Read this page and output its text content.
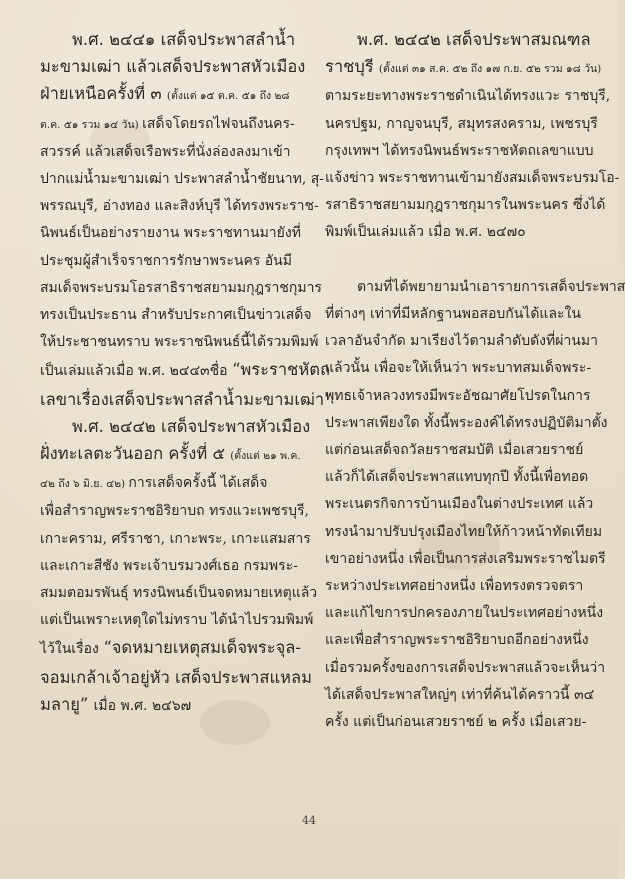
พ.ศ. ๒๔๔๑ เสด็จประพาสลำน้ำ
มะขามเฒ่า แล้วเสด็จประพาสหัวเมือง
ฝ่ายเหนือครั้งที่ ๓ (ตั้งแต่ ๑๕ ต.ค. ๕๑ ถึง ๒๘
ต.ค. ๕๑ รวม ๑๔ วัน) เสด็จโดยรถไฟจนถึงนคร-
สวรรค์ แล้วเสด็จเรือพระที่นั่งล่องลงมาเข้า
ปากแม่น้ำมะขามเฒ่า ประพาสลำน้ำชัยนาท, สุ-
พรรณบุรี, อ่างทอง และสิงห์บุรี ได้ทรงพระราช-
นิพนธ์เป็นอย่างรายงาน พระราชทานมายังที่
ประชุมผู้สำเร็จราชการรักษาพระนคร อันมี
สมเด็จพระบรมโอรสาธิราชสยามมกุฎราชกุมาร
ทรงเป็นประธาน สำหรับประกาศเป็นข่าวเสด็จ
ให้ประชาชนทราบ พระราชนิพนธ์นี้ได้รวมพิมพ์
เป็นเล่มแล้วเมื่อ พ.ศ. ๒๔๔๓ชื่อ “พระราชหัตถ
เลขาเรื่องเสด็จประพาสลำน้ำมะขามเฒ่า”
พ.ศ. ๒๔๔๒ เสด็จประพาสหัวเมือง
ฝั่งทะเลตะวันออก ครั้งที่ ๕ (ตั้งแต่ ๒๑ พ.ค.
๔๒ ถึง ๖ มิ.ย. ๔๒) การเสด็จครั้งนี้ ได้เสด็จ
เพื่อสำราญพระราชอิริยาบถ ทรงแวะเพชรบุรี,
เกาะคราม, ศรีราชา, เกาะพระ, เกาะแสมสาร
และเกาะสีชัง พระเจ้าบรมวงศ์เธอ กรมพระ-
สมมตอมรพันธุ์ ทรงนิพนธ์เป็นจดหมายเหตุแล้ว
แต่เป็นเพราะเหตุใดไม่ทราบ ได้นำไปรวมพิมพ์
ไว้ในเรื่อง “จดหมายเหตุสมเด็จพระจุล-
จอมเกล้าเจ้าอยู่หัว เสด็จประพาสแหลม
มลายู” เมื่อ พ.ศ. ๒๔๖๗
พ.ศ. ๒๔๔๒ เสด็จประพาสมณฑล
ราชบุรี (ตั้งแต่ ๓๑ ส.ค. ๕๒ ถึง ๑๗ ก.ย. ๕๒ รวม ๑๘ วัน)
ตามระยะทางพระราชดำเนินได้ทรงแวะ ราชบุรี,
นครปฐม, กาญจนบุรี, สมุทรสงคราม, เพชรบุรี
กรุงเทพฯ ได้ทรงนิพนธ์พระราชหัตถเลขาแบบ
แจ้งข่าว พระราชทานเข้ามายังสมเด็จพระบรมโอ-
รสาธิราชสยามมกุฎราชกุมารในพระนคร ซึ่งได้
พิมพ์เป็นเล่มแล้ว เมื่อ พ.ศ. ๒๔๗๐

ตามที่ได้พยายามนำเอารายการเสด็จประพาส
ที่ต่างๆ เท่าที่มีหลักฐานพอสอบกันได้และใน
เวลาอันจำกัด มาเรียงไว้ตามลำดับดังที่ผ่านมา
แล้วนั้น เพื่อจะให้เห็นว่า พระบาทสมเด็จพระ-
พุทธเจ้าหลวงทรงมีพระอัชฌาศัยโปรดในการ
ประพาสเพียงใด ทั้งนี้พระองค์ได้ทรงปฏิบัติมาตั้ง
แต่ก่อนเสด็จถวัลยราชสมบัติ เมื่อเสวยราชย์
แล้วก็ได้เสด็จประพาสแทบทุกปี ทั้งนี้เพื่อทอด
พระเนตรกิจการบ้านเมืองในต่างประเทศ แล้ว
ทรงนำมาปรับปรุงเมืองไทยให้ก้าวหน้าทัดเทียม
เขาอย่างหนึ่ง เพื่อเป็นการส่งเสริมพระราชไมตรี
ระหว่างประเทศอย่างหนึ่ง เพื่อทรงตรวจตรา
และแก้ไขการปกครองภายในประเทศอย่างหนึ่ง
และเพื่อสำราญพระราชอิริยาบถอีกอย่างหนึ่ง
เมื่อรวมครั้งของการเสด็จประพาสแล้วจะเห็นว่า
ได้เสด็จประพาสใหญ่ๆ เท่าที่ค้นได้คราวนี้ ๓๔
ครั้ง แต่เป็นก่อนเสวยราชย์ ๒ ครั้ง เมื่อเสวย-
44
